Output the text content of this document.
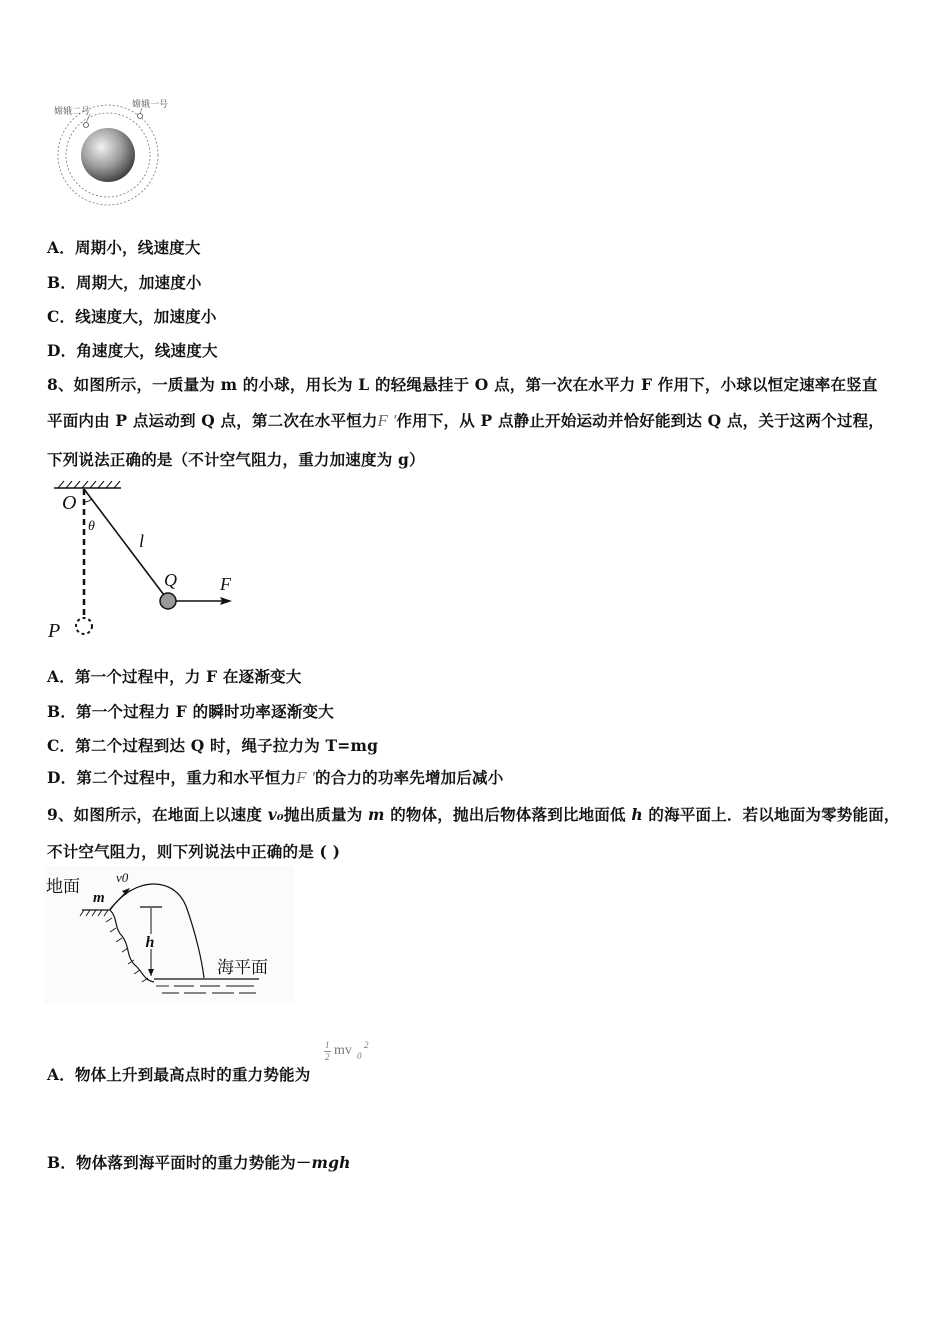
嫦娥二号
嫦娥一号
A．周期小，线速度大
B．周期大，加速度小
C．线速度大，加速度小
D．角速度大，线速度大
8、如图所示，一质量为 m 的小球，用长为 L 的轻绳悬挂于 O 点，第一次在水平力 F 作用下，小球以恒定速率在竖直
平面内由 P 点运动到 Q 点，第二次在水平恒力F '作用下，从 P 点静止开始运动并恰好能到达 Q 点，关于这两个过程，
下列说法正确的是（不计空气阻力，重力加速度为 g）
O
θ
l
Q F
P
A．第一个过程中，力 F 在逐渐变大
B．第一个过程力 F 的瞬时功率逐渐变大
C．第二个过程到达 Q 时，绳子拉力为 T=mg
D．第二个过程中，重力和水平恒力F '的合力的功率先增加后减小
9、如图所示，在地面上以速度 v₀抛出质量为 m 的物体，抛出后物体落到比地面低 h 的海平面上．若以地面为零势能面，
不计空气阻力，则下列说法中正确的是 ( )
地面
m
v0
h
海平面
A．物体上升到最高点时的重力势能为
1
2 mv 0
2
B．物体落到海平面时的重力势能为－mgh
